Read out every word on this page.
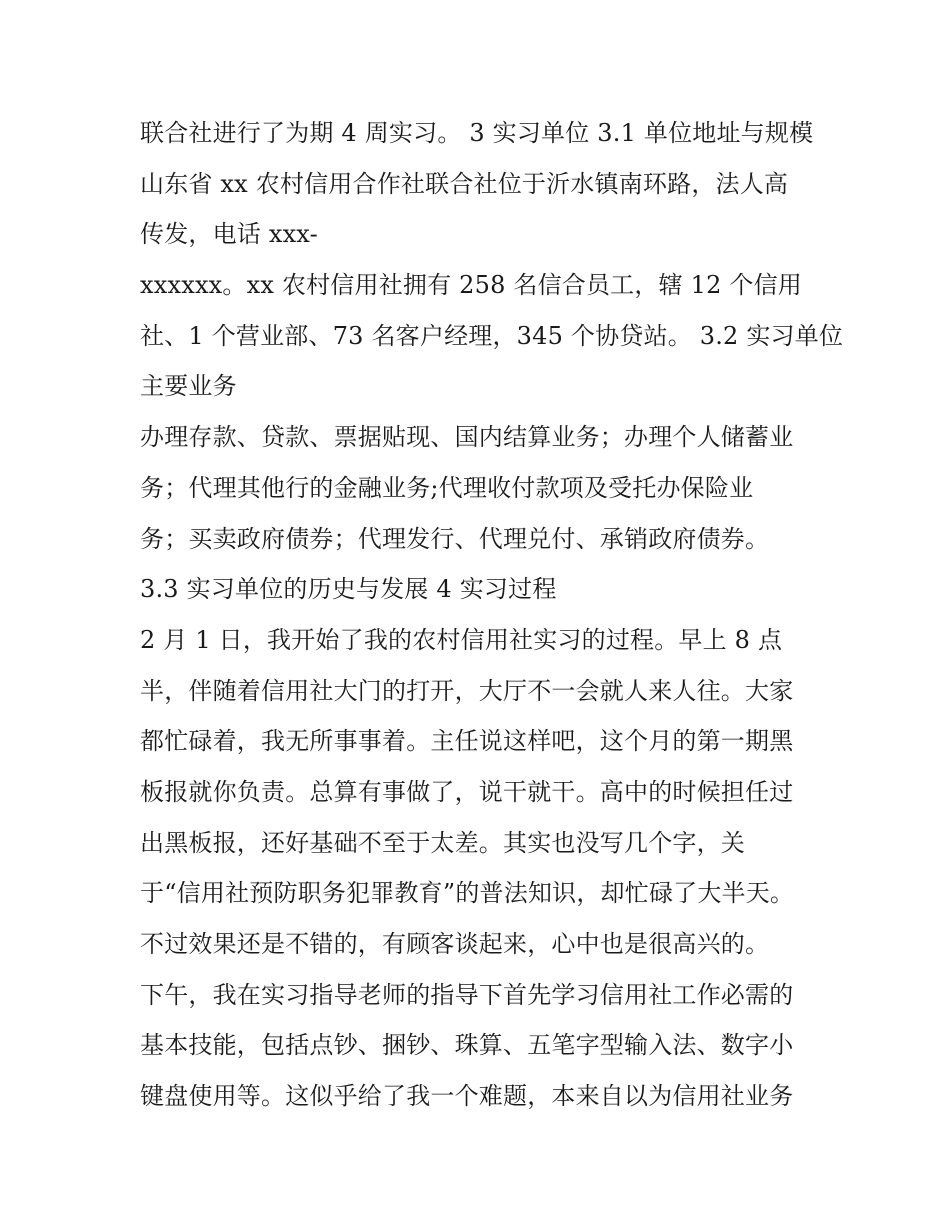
联合社进行了为期 4 周实习。 3 实习单位 3.1 单位地址与规模
山东省 xx 农村信用合作社联合社位于沂水镇南环路，法人高
传发，电话 xxx-
xxxxxx。xx 农村信用社拥有 258 名信合员工，辖 12 个信用
社、1 个营业部、73 名客户经理，345 个协贷站。 3.2 实习单位
主要业务
办理存款、贷款、票据贴现、国内结算业务；办理个人储蓄业
务；代理其他行的金融业务;代理收付款项及受托办保险业
务；买卖政府债券；代理发行、代理兑付、承销政府债券。
3.3 实习单位的历史与发展 4 实习过程
2 月 1 日，我开始了我的农村信用社实习的过程。早上 8 点
半，伴随着信用社大门的打开，大厅不一会就人来人往。大家
都忙碌着，我无所事事着。主任说这样吧，这个月的第一期黑
板报就你负责。总算有事做了，说干就干。高中的时候担任过
出黑板报，还好基础不至于太差。其实也没写几个字，关
于“信用社预防职务犯罪教育”的普法知识，却忙碌了大半天。
不过效果还是不错的，有顾客谈起来，心中也是很高兴的。
下午，我在实习指导老师的指导下首先学习信用社工作必需的
基本技能，包括点钞、捆钞、珠算、五笔字型输入法、数字小
键盘使用等。这似乎给了我一个难题，本来自以为信用社业务
